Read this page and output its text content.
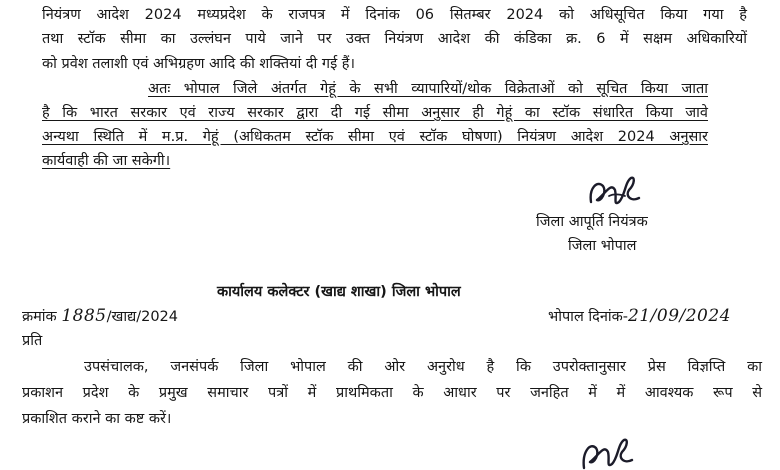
नियंत्रण आदेश 2024 मध्यप्रदेश के राजपत्र में दिनांक 06 सितम्बर 2024 को अधिसूचित किया गया है
तथा स्टॉक सीमा का उल्लंघन पाये जाने पर उक्त नियंत्रण आदेश की कंडिका क्र. 6 में सक्षम अधिकारियों
को प्रवेश तलाशी एवं अभिग्रहण आदि की शक्तियां दी गई हैं।
अतः भोपाल जिले अंतर्गत गेहूं के सभी व्यापारियों/थोक विक्रेताओं को सूचित किया जाता
है कि भारत सरकार एवं राज्य सरकार द्वारा दी गई सीमा अनुसार ही गेहूं का स्टॉक संधारित किया जावे
अन्यथा स्थिति में म.प्र. गेहूं (अधिकतम स्टॉक सीमा एवं स्टॉक घोषणा) नियंत्रण आदेश 2024 अनुसार
कार्यवाही की जा सकेगी।
जिला आपूर्ति नियंत्रक
जिला भोपाल
कार्यालय कलेक्टर (खाद्य शाखा) जिला भोपाल
क्रमांक 1885/खाद्य/2024	भोपाल दिनांक-21/09/2024
प्रति
उपसंचालक, जनसंपर्क जिला भोपाल की ओर अनुरोध है कि उपरोक्तानुसार प्रेस विज्ञप्ति का
प्रकाशन प्रदेश के प्रमुख समाचार पत्रों में प्राथमिकता के आधार पर जनहित में में आवश्यक रूप से
प्रकाशित कराने का कष्ट करें।
